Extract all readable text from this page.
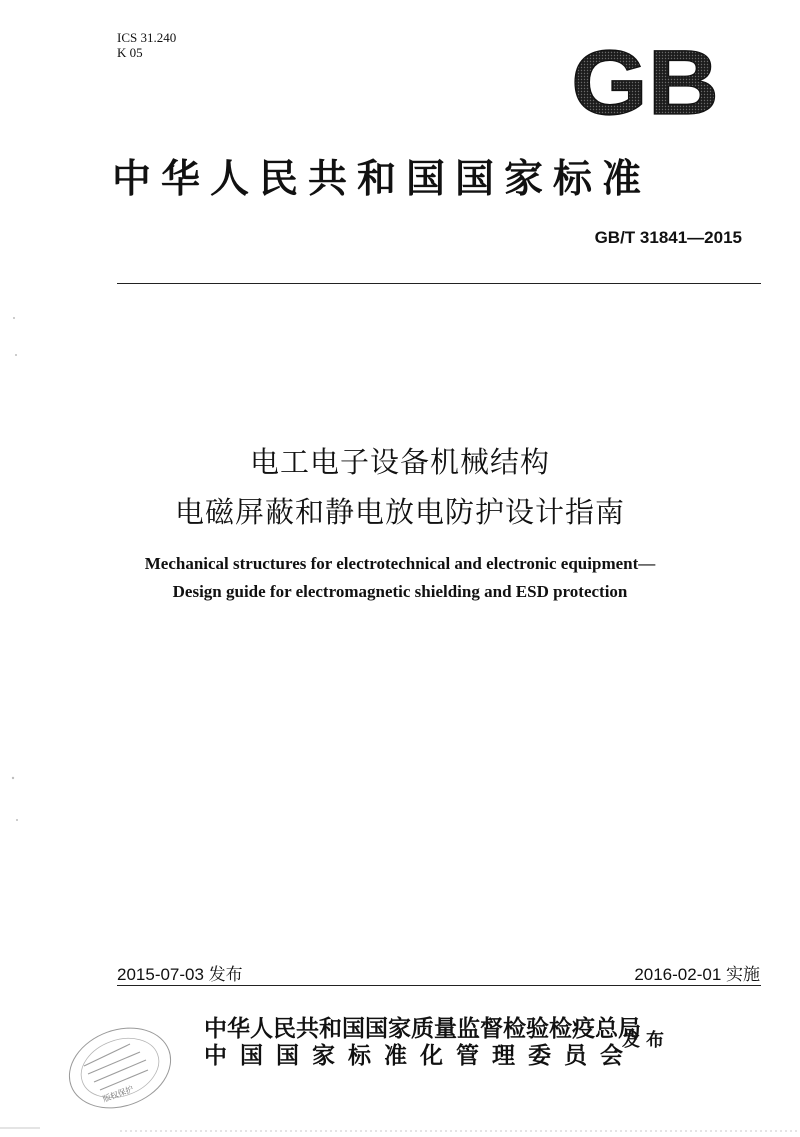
ICS 31.240
K 05	GB
中华人民共和国国家标准
GB/T 31841—2015
电工电子设备机械结构
电磁屏蔽和静电放电防护设计指南
Mechanical structures for electrotechnical and electronic equipment—
Design guide for electromagnetic shielding and ESD protection
2015-07-03 发布	2016-02-01 实施
中华人民共和国国家质量监督检验检疫总局
中国国家标准化管理委员会
发布
版权保护
